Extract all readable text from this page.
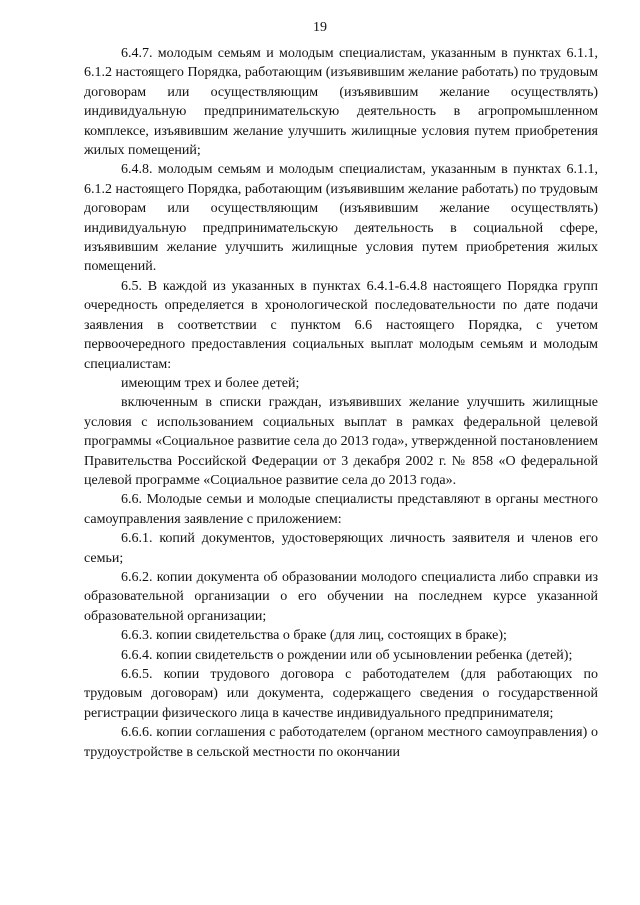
19

6.4.7. молодым семьям и молодым специалистам, указанным в пунктах 6.1.1, 6.1.2 настоящего Порядка, работающим (изъявившим желание работать) по трудовым договорам или осуществляющим (изъявившим желание осуществлять) индивидуальную предпринимательскую деятельность в агропромышленном комплексе, изъявившим желание улучшить жилищные условия путем приобретения жилых помещений;

6.4.8. молодым семьям и молодым специалистам, указанным в пунктах 6.1.1, 6.1.2 настоящего Порядка, работающим (изъявившим желание работать) по трудовым договорам или осуществляющим (изъявившим желание осуществлять) индивидуальную предпринимательскую деятельность в социальной сфере, изъявившим желание улучшить жилищные условия путем приобретения жилых помещений.

6.5. В каждой из указанных в пунктах 6.4.1-6.4.8 настоящего Порядка групп очередность определяется в хронологической последовательности по дате подачи заявления в соответствии с пунктом 6.6 настоящего Порядка, с учетом первоочередного предоставления социальных выплат молодым семьям и молодым специалистам:

имеющим трех и более детей;

включенным в списки граждан, изъявивших желание улучшить жилищные условия с использованием социальных выплат в рамках федеральной целевой программы «Социальное развитие села до 2013 года», утвержденной постановлением Правительства Российской Федерации от 3 декабря 2002 г. № 858 «О федеральной целевой программе «Социальное развитие села до 2013 года».

6.6. Молодые семьи и молодые специалисты представляют в органы местного самоуправления заявление с приложением:

6.6.1. копий документов, удостоверяющих личность заявителя и членов его семьи;

6.6.2. копии документа об образовании молодого специалиста либо справки из образовательной организации о его обучении на последнем курсе указанной образовательной организации;

6.6.3. копии свидетельства о браке (для лиц, состоящих в браке);

6.6.4. копии свидетельств о рождении или об усыновлении ребенка (детей);

6.6.5. копии трудового договора с работодателем (для работающих по трудовым договорам) или документа, содержащего сведения о государственной регистрации физического лица в качестве индивидуального предпринимателя;

6.6.6. копии соглашения с работодателем (органом местного самоуправления) о трудоустройстве в сельской местности по окончании
